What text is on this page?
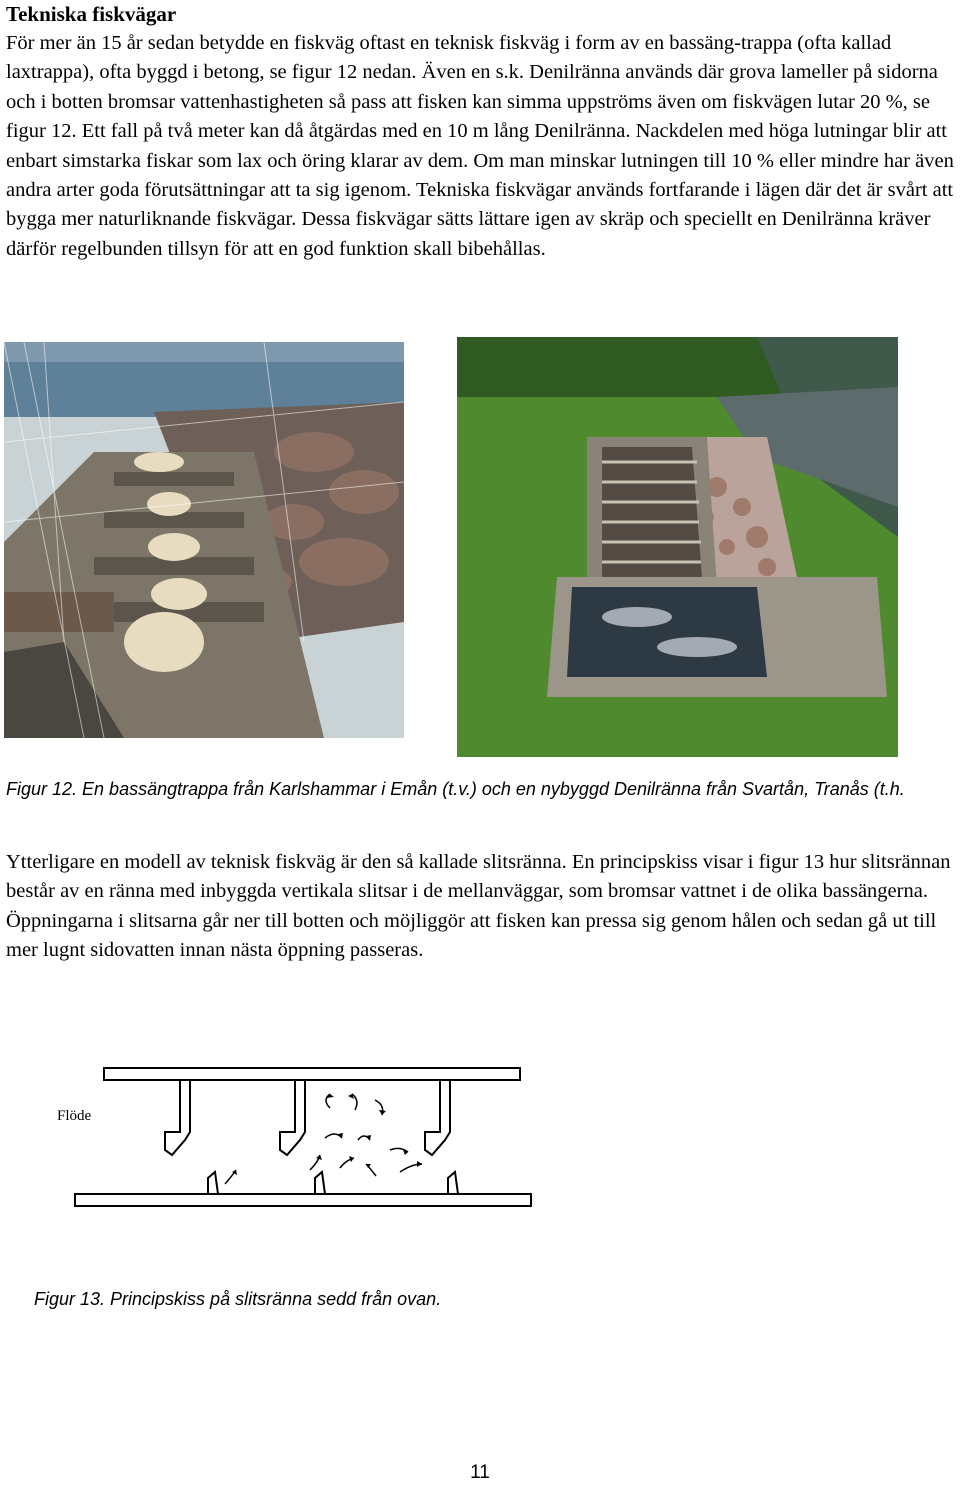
Tekniska fiskvägar

För mer än 15 år sedan betydde en fiskväg oftast en teknisk fiskväg i form av en bassäng-trappa (ofta kallad laxtrappa), ofta byggd i betong, se figur 12 nedan. Även en s.k. Denilränna används där grova lameller på sidorna och i botten bromsar vattenhastigheten så pass att fisken kan simma uppströms även om fiskvägen lutar 20 %, se figur 12. Ett fall på två meter kan då åtgärdas med en 10 m lång Denilränna. Nackdelen med höga lutningar blir att enbart simstarka fiskar som lax och öring klarar av dem. Om man minskar lutningen till 10 % eller mindre har även andra arter goda förutsättningar att ta sig igenom. Tekniska fiskvägar används fortfarande i lägen där det är svårt att bygga mer naturliknande fiskvägar. Dessa fiskvägar sätts lättare igen av skräp och speciellt en Denilränna kräver därför regelbunden tillsyn för att en god funktion skall bibehållas.

Figur 12. En bassängtrappa från Karlshammar i Emån (t.v.) och en nybyggd Denilränna från Svartån, Tranås (t.h.

Ytterligare en modell av teknisk fiskväg är den så kallade slitsränna. En principskiss visar i figur 13 hur slitsrännan består av en ränna med inbyggda vertikala slitsar i de mellanväggar, som bromsar vattnet i de olika bassängerna. Öppningarna i slitsarna går ner till botten och möjliggör att fisken kan pressa sig genom hålen och sedan gå ut till mer lugnt sidovatten innan nästa öppning passeras.

Flöde

Figur 13. Principskiss på slitsränna sedd från ovan.

11
